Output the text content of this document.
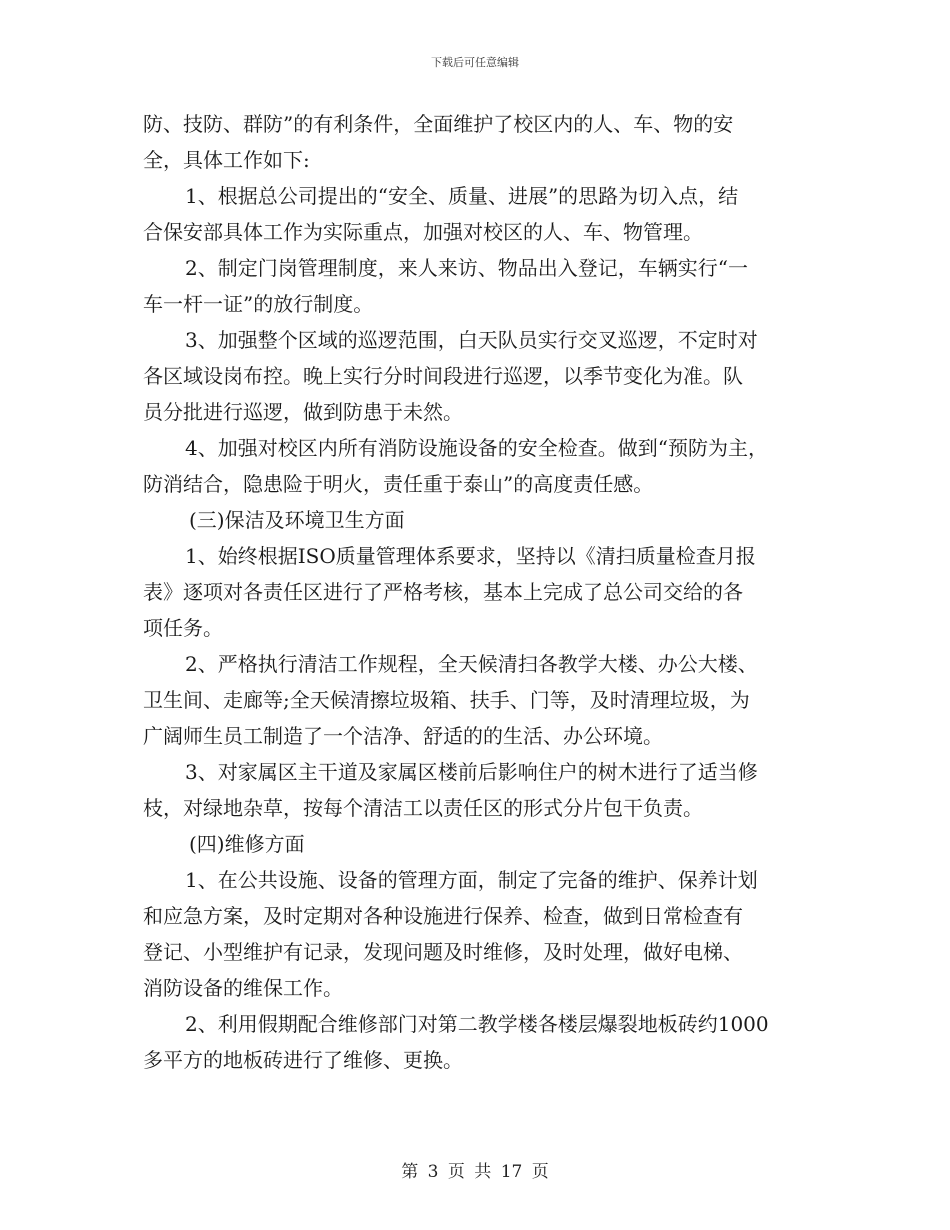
下载后可任意编辑
防、技防、群防”的有利条件，全面维护了校区内的人、车、物的安
全，具体工作如下:
1、根据总公司提出的“安全、质量、进展”的思路为切入点，结
合保安部具体工作为实际重点，加强对校区的人、车、物管理。
2、制定门岗管理制度，来人来访、物品出入登记，车辆实行“一
车一杆一证”的放行制度。
3、加强整个区域的巡逻范围，白天队员实行交叉巡逻，不定时对
各区域设岗布控。晚上实行分时间段进行巡逻，以季节变化为准。队
员分批进行巡逻，做到防患于未然。
4、加强对校区内所有消防设施设备的安全检查。做到“预防为主，
防消结合，隐患险于明火，责任重于泰山”的高度责任感。
(三)保洁及环境卫生方面
1、始终根据ISO质量管理体系要求，坚持以《清扫质量检查月报
表》逐项对各责任区进行了严格考核，基本上完成了总公司交给的各
项任务。
2、严格执行清洁工作规程，全天候清扫各教学大楼、办公大楼、
卫生间、走廊等;全天候清擦垃圾箱、扶手、门等，及时清理垃圾，为
广阔师生员工制造了一个洁净、舒适的的生活、办公环境。
3、对家属区主干道及家属区楼前后影响住户的树木进行了适当修
枝，对绿地杂草，按每个清洁工以责任区的形式分片包干负责。
(四)维修方面
1、在公共设施、设备的管理方面，制定了完备的维护、保养计划
和应急方案，及时定期对各种设施进行保养、检查，做到日常检查有
登记、小型维护有记录，发现问题及时维修，及时处理，做好电梯、
消防设备的维保工作。
2、利用假期配合维修部门对第二教学楼各楼层爆裂地板砖约1000
多平方的地板砖进行了维修、更换。
第 3 页 共 17 页
